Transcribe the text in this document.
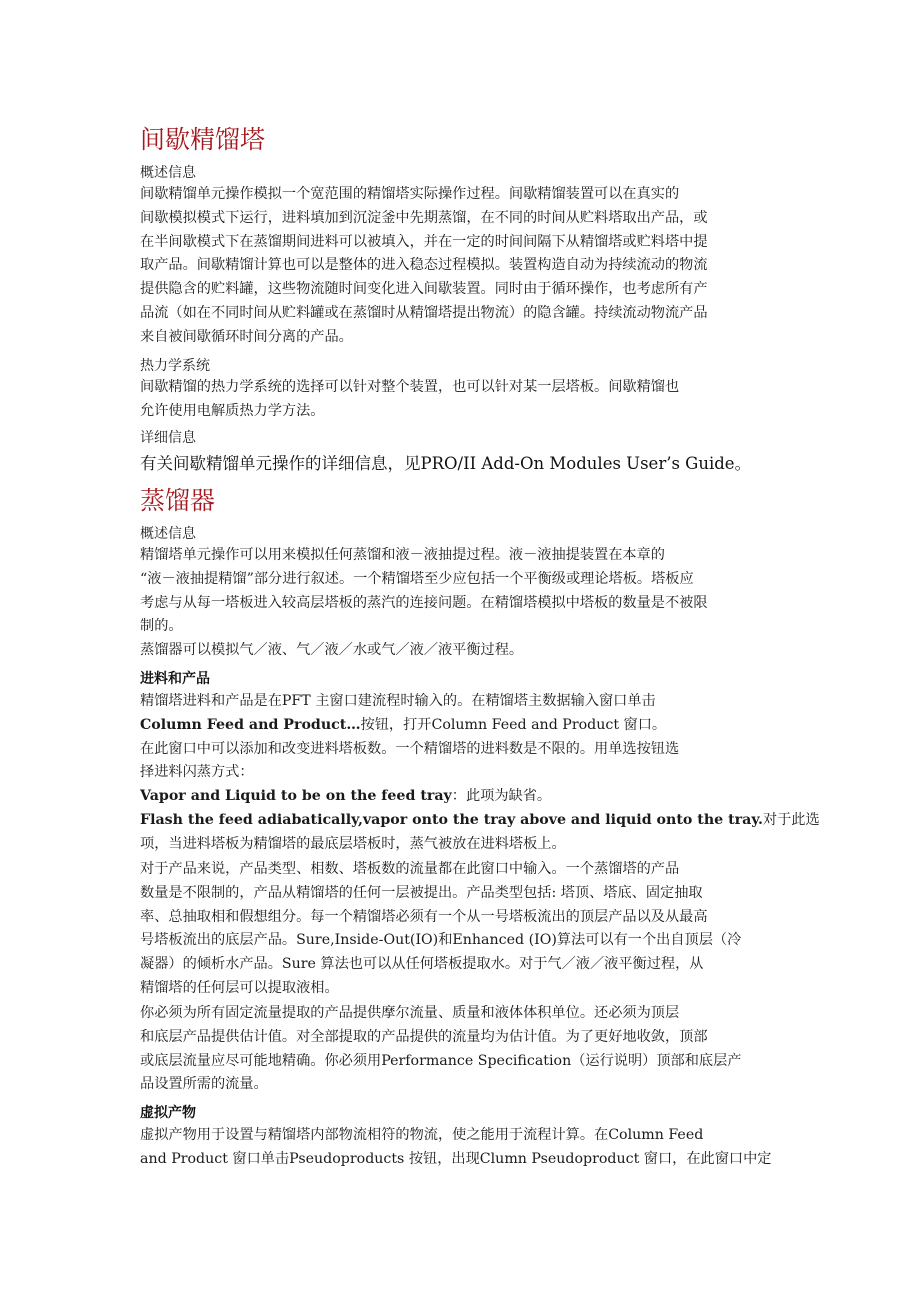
间歇精馏塔
概述信息
间歇精馏单元操作模拟一个宽范围的精馏塔实际操作过程。间歇精馏装置可以在真实的
间歇模拟模式下运行，进料填加到沉淀釜中先期蒸馏，在不同的时间从贮料塔取出产品，或
在半间歇模式下在蒸馏期间进料可以被填入，并在一定的时间间隔下从精馏塔或贮料塔中提
取产品。间歇精馏计算也可以是整体的进入稳态过程模拟。装置构造自动为持续流动的物流
提供隐含的贮料罐，这些物流随时间变化进入间歇装置。同时由于循环操作，也考虑所有产
品流（如在不同时间从贮料罐或在蒸馏时从精馏塔提出物流）的隐含罐。持续流动物流产品
来自被间歇循环时间分离的产品。
热力学系统
间歇精馏的热力学系统的选择可以针对整个装置，也可以针对某一层塔板。间歇精馏也
允许使用电解质热力学方法。
详细信息
有关间歇精馏单元操作的详细信息，见PRO/II Add-On Modules User’s Guide。
蒸馏器
概述信息
精馏塔单元操作可以用来模拟任何蒸馏和液－液抽提过程。液－液抽提装置在本章的
“液－液抽提精馏”部分进行叙述。一个精馏塔至少应包括一个平衡级或理论塔板。塔板应
考虑与从每一塔板进入较高层塔板的蒸汽的连接问题。在精馏塔模拟中塔板的数量是不被限
制的。
蒸馏器可以模拟气／液、气／液／水或气／液／液平衡过程。
进料和产品
精馏塔进料和产品是在PFT 主窗口建流程时输入的。在精馏塔主数据输入窗口单击
Column Feed and Product…按钮，打开Column Feed and Product 窗口。
在此窗口中可以添加和改变进料塔板数。一个精馏塔的进料数是不限的。用单选按钮选
择进料闪蒸方式：
Vapor and Liquid to be on the feed tray：此项为缺省。
Flash the feed adiabatically,vapor onto the tray above and liquid onto the tray.对于此选
项，当进料塔板为精馏塔的最底层塔板时，蒸气被放在进料塔板上。
对于产品来说，产品类型、相数、塔板数的流量都在此窗口中输入。一个蒸馏塔的产品
数量是不限制的，产品从精馏塔的任何一层被提出。产品类型包括: 塔顶、塔底、固定抽取
率、总抽取相和假想组分。每一个精馏塔必须有一个从一号塔板流出的顶层产品以及从最高
号塔板流出的底层产品。Sure,Inside-Out(IO)和Enhanced (IO)算法可以有一个出自顶层（冷
凝器）的倾析水产品。Sure 算法也可以从任何塔板提取水。对于气／液／液平衡过程，从
精馏塔的任何层可以提取液相。
你必须为所有固定流量提取的产品提供摩尔流量、质量和液体体积单位。还必须为顶层
和底层产品提供估计值。对全部提取的产品提供的流量均为估计值。为了更好地收敛，顶部
或底层流量应尽可能地精确。你必须用Performance Specification（运行说明）顶部和底层产
品设置所需的流量。
虚拟产物
虚拟产物用于设置与精馏塔内部物流相符的物流，使之能用于流程计算。在Column Feed
and Product 窗口单击Pseudoproducts 按钮，出现Clumn Pseudoproduct 窗口，在此窗口中定
